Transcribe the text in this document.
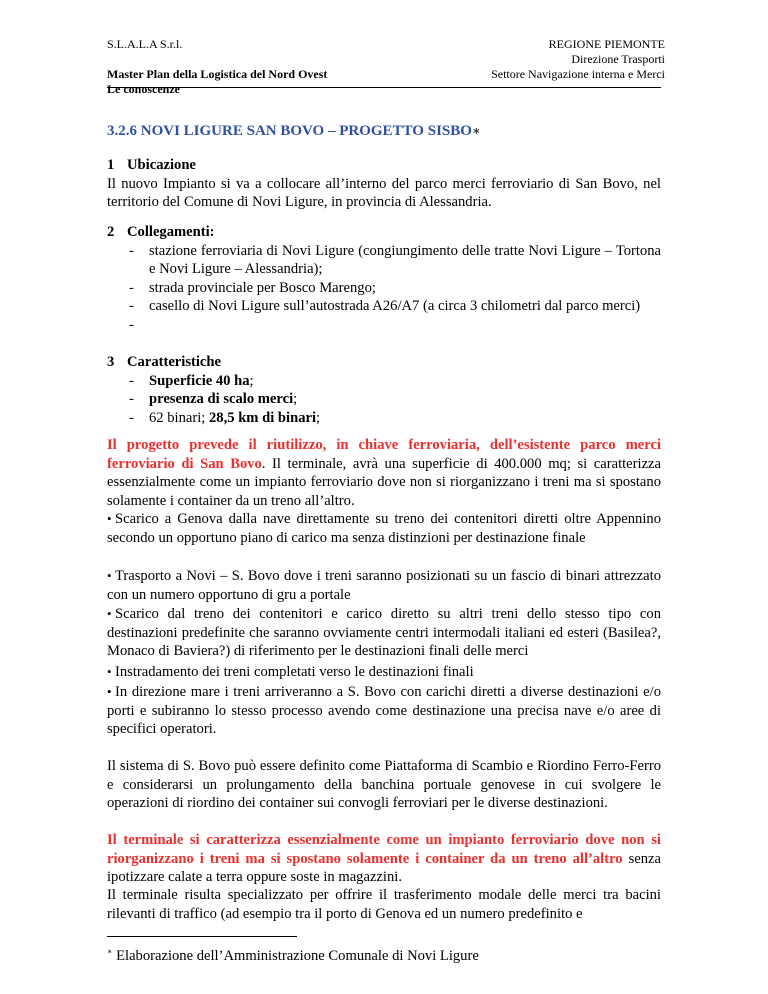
S.L.A.L.A S.r.l.
Master Plan della Logistica del Nord Ovest
Le conoscenze
REGIONE PIEMONTE
Direzione Trasporti
Settore Navigazione interna e Merci
3.2.6 NOVI LIGURE SAN BOVO – PROGETTO SISBO∗
1 Ubicazione
Il nuovo Impianto si va a collocare all’interno del parco merci ferroviario di San Bovo, nel territorio del Comune di Novi Ligure, in provincia di Alessandria.
2 Collegamenti:
- stazione ferroviaria di Novi Ligure (congiungimento delle tratte Novi Ligure – Tortona e Novi Ligure – Alessandria);
- strada provinciale per Bosco Marengo;
- casello di Novi Ligure sull’autostrada A26/A7 (a circa 3 chilometri dal parco merci)
-
3 Caratteristiche
- Superficie 40 ha;
- presenza di scalo merci;
- 62 binari; 28,5 km di binari;
Il progetto prevede il riutilizzo, in chiave ferroviaria, dell’esistente parco merci ferroviario di San Bovo. Il terminale, avrà una superficie di 400.000 mq; si caratterizza essenzialmente come un impianto ferroviario dove non si riorganizzano i treni ma si spostano solamente i container da un treno all’altro.
• Scarico a Genova dalla nave direttamente su treno dei contenitori diretti oltre Appennino secondo un opportuno piano di carico ma senza distinzioni per destinazione finale
• Trasporto a Novi – S. Bovo dove i treni saranno posizionati su un fascio di binari attrezzato con un numero opportuno di gru a portale
• Scarico dal treno dei contenitori e carico diretto su altri treni dello stesso tipo con destinazioni predefinite che saranno ovviamente centri intermodali italiani ed esteri (Basilea?, Monaco di Baviera?) di riferimento per le destinazioni finali delle merci
• Instradamento dei treni completati verso le destinazioni finali
• In direzione mare i treni arriveranno a S. Bovo con carichi diretti a diverse destinazioni e/o porti e subiranno lo stesso processo avendo come destinazione una precisa nave e/o aree di specifici operatori.
Il sistema di S. Bovo può essere definito come Piattaforma di Scambio e Riordino Ferro-Ferro e considerarsi un prolungamento della banchina portuale genovese in cui svolgere le operazioni di riordino dei container sui convogli ferroviari per le diverse destinazioni.
Il terminale si caratterizza essenzialmente come un impianto ferroviario dove non si riorganizzano i treni ma si spostano solamente i container da un treno all’altro senza ipotizzare calate a terra oppure soste in magazzini.
Il terminale risulta specializzato per offrire il trasferimento modale delle merci tra bacini rilevanti di traffico (ad esempio tra il porto di Genova ed un numero predefinito e
∗ Elaborazione dell’Amministrazione Comunale di Novi Ligure
